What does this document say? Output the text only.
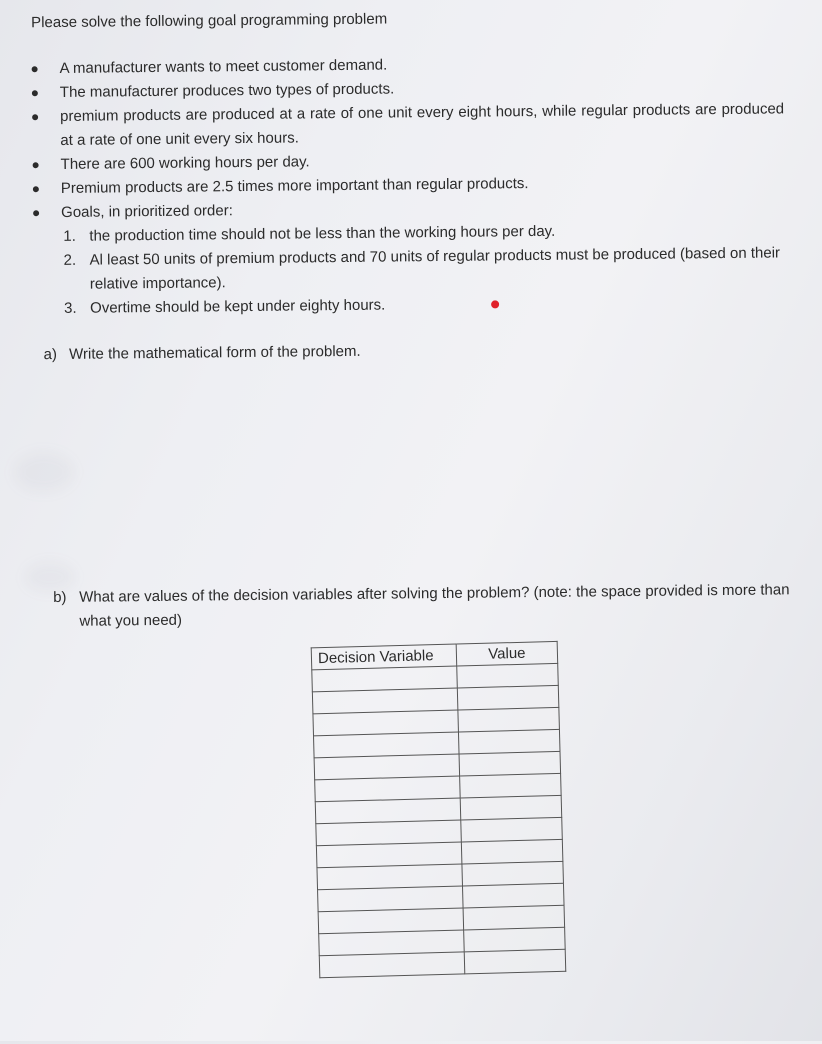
Please solve the following goal programming problem
A manufacturer wants to meet customer demand.
The manufacturer produces two types of products.
premium products are produced at a rate of one unit every eight hours, while regular products are produced at a rate of one unit every six hours.
There are 600 working hours per day.
Premium products are 2.5 times more important than regular products.
Goals, in prioritized order:
1. the production time should not be less than the working hours per day.
2. Al least 50 units of premium products and 70 units of regular products must be produced (based on their relative importance).
3. Overtime should be kept under eighty hours.
a) Write the mathematical form of the problem.
b) What are values of the decision variables after solving the problem? (note: the space provided is more than what you need)
Decision Variable	Value
